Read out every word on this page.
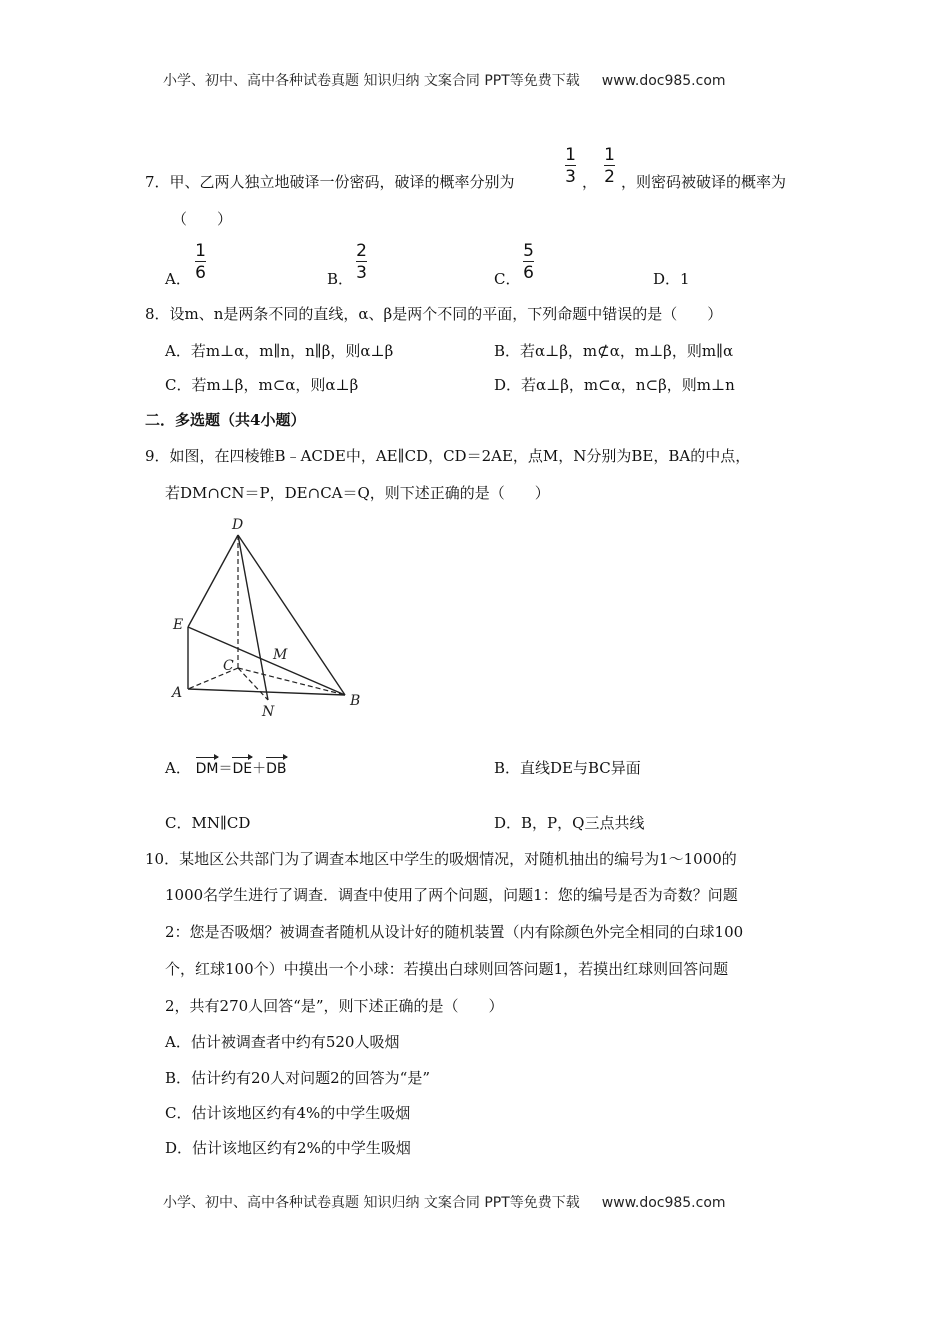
小学、初中、高中各种试卷真题 知识归纳 文案合同 PPT等免费下载 www.doc985.com
7．甲、乙两人独立地破译一份密码，破译的概率分别为
1
3 ，
1
2 ，则密码被破译的概率为
（　　）
A．
1
6	B．
2
3	C．
5
6	D．1
8．设m、n是两条不同的直线，α、β是两个不同的平面，下列命题中错误的是（　　）
A．若m⊥α，m∥n，n∥β，则α⊥β	B．若α⊥β，m⊄α，m⊥β，则m∥α
C．若m⊥β，m⊂α，则α⊥β	D．若α⊥β，m⊂α，n⊂β，则m⊥n
二．多选题（共4小题）
9．如图，在四棱锥B﹣ACDE中，AE∥CD，CD＝2AE，点M，N分别为BE，BA的中点，
若DM∩CN＝P，DE∩CA＝Q，则下述正确的是（　　）
D
E
C
M
A
N
B
A． DM＝DE＋DB	B．直线DE与BC异面
C．MN∥CD	D．B，P，Q三点共线
10．某地区公共部门为了调查本地区中学生的吸烟情况，对随机抽出的编号为1～1000的
1000名学生进行了调查．调查中使用了两个问题，问题1：您的编号是否为奇数？问题
2：您是否吸烟？被调查者随机从设计好的随机装置（内有除颜色外完全相同的白球100
个，红球100个）中摸出一个小球：若摸出白球则回答问题1，若摸出红球则回答问题
2，共有270人回答“是”，则下述正确的是（　　）
A．估计被调查者中约有520人吸烟
B．估计约有20人对问题2的回答为“是”
C．估计该地区约有4%的中学生吸烟
D．估计该地区约有2%的中学生吸烟
小学、初中、高中各种试卷真题 知识归纳 文案合同 PPT等免费下载 www.doc985.com
